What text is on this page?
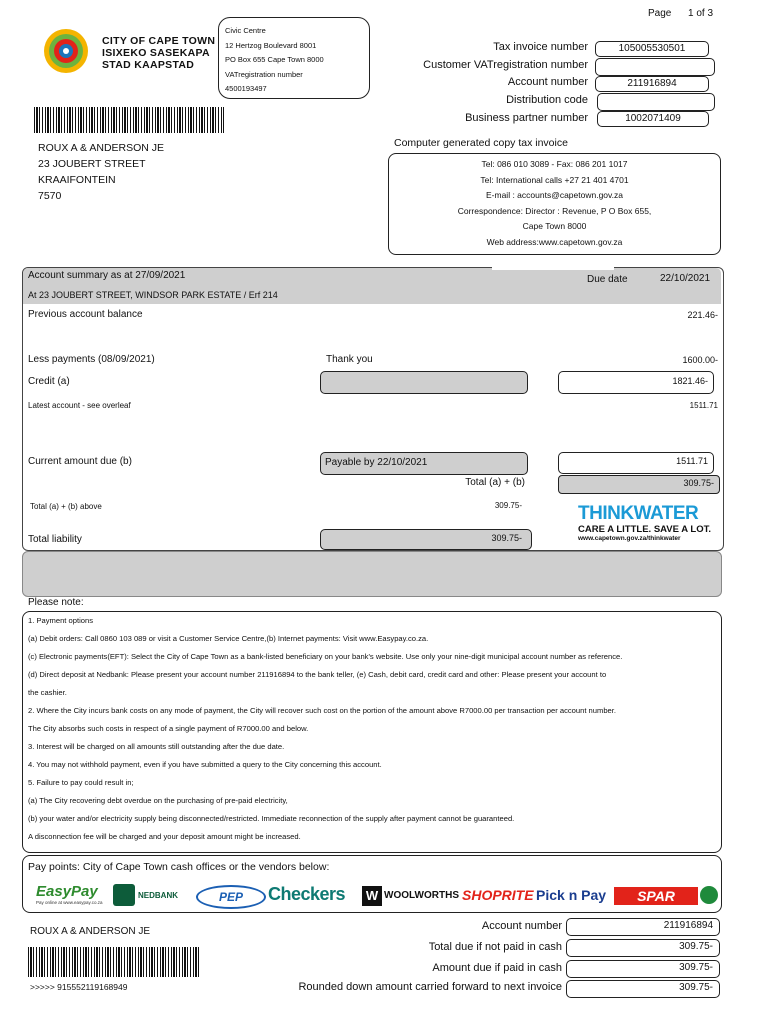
Page 1 of 3
CITY OF CAPE TOWN
ISIXEKO SASEKAPA
STAD KAAPSTAD
Civic Centre
12 Hertzog Boulevard 8001
PO Box 655 Cape Town 8000
VATregistration number
4500193497
Tax invoice number	105005530501
Customer VATregistration number
Account number	211916894
Distribution code
Business partner number	1002071409
ROUX A & ANDERSON JE
23 JOUBERT STREET
KRAAIFONTEIN
7570
Computer generated copy tax invoice
Tel: 086 010 3089 - Fax: 086 201 1017
Tel: International calls +27 21 401 4701
E-mail : accounts@capetown.gov.za
Correspondence: Director : Revenue, P O Box 655,
Cape Town 8000
Web address:www.capetown.gov.za
Account summary as at 27/09/2021	Due date	22/10/2021
At 23 JOUBERT STREET, WINDSOR PARK ESTATE / Erf 214
Previous account balance	221.46-
Less payments (08/09/2021)	Thank you	1600.00-
Credit (a)	1821.46-
Latest account - see overleaf	1511.71
Current amount due (b)	Payable by 22/10/2021	1511.71
Total (a) + (b)	309.75-
Total (a) + (b) above	309.75-
Total liability	309.75-
THINKWATER
CARE A LITTLE. SAVE A LOT.
www.capetown.gov.za/thinkwater
Please note:
1. Payment options
(a) Debit orders: Call 0860 103 089 or visit a Customer Service Centre,(b) Internet payments: Visit www.Easypay.co.za.
(c) Electronic payments(EFT): Select the City of Cape Town as a bank-listed beneficiary on your bank's website. Use only your nine-digit municipal account number as reference.
(d) Direct deposit at Nedbank: Please present your account number 211916894 to the bank teller, (e) Cash, debit card, credit card and other: Please present your account to
the cashier.
2. Where the City incurs bank costs on any mode of payment, the City will recover such cost on the portion of the amount above R7000.00 per transaction per account number.
The City absorbs such costs in respect of a single payment of R7000.00 and below.
3. Interest will be charged on all amounts still outstanding after the due date.
4. You may not withhold payment, even if you have submitted a query to the City concerning this account.
5. Failure to pay could result in;
(a) The City recovering debt overdue on the purchasing of pre-paid electricity,
(b) your water and/or electricity supply being disconnected/restricted. Immediate reconnection of the supply after payment cannot be guaranteed.
A disconnection fee will be charged and your deposit amount might be increased.
Pay points: City of Cape Town cash offices or the vendors below:
EasyPay
Pay online at www.easypay.co.za
NEDBANK	PEP	Checkers W WOOLWORTHS SHOPRITE Pick n Pay	SPAR
ROUX A & ANDERSON JE
>>>>> 915552119168949
Account number	211916894
Total due if not paid in cash	309.75-
Amount due if paid in cash	309.75-
Rounded down amount carried forward to next invoice	309.75-
